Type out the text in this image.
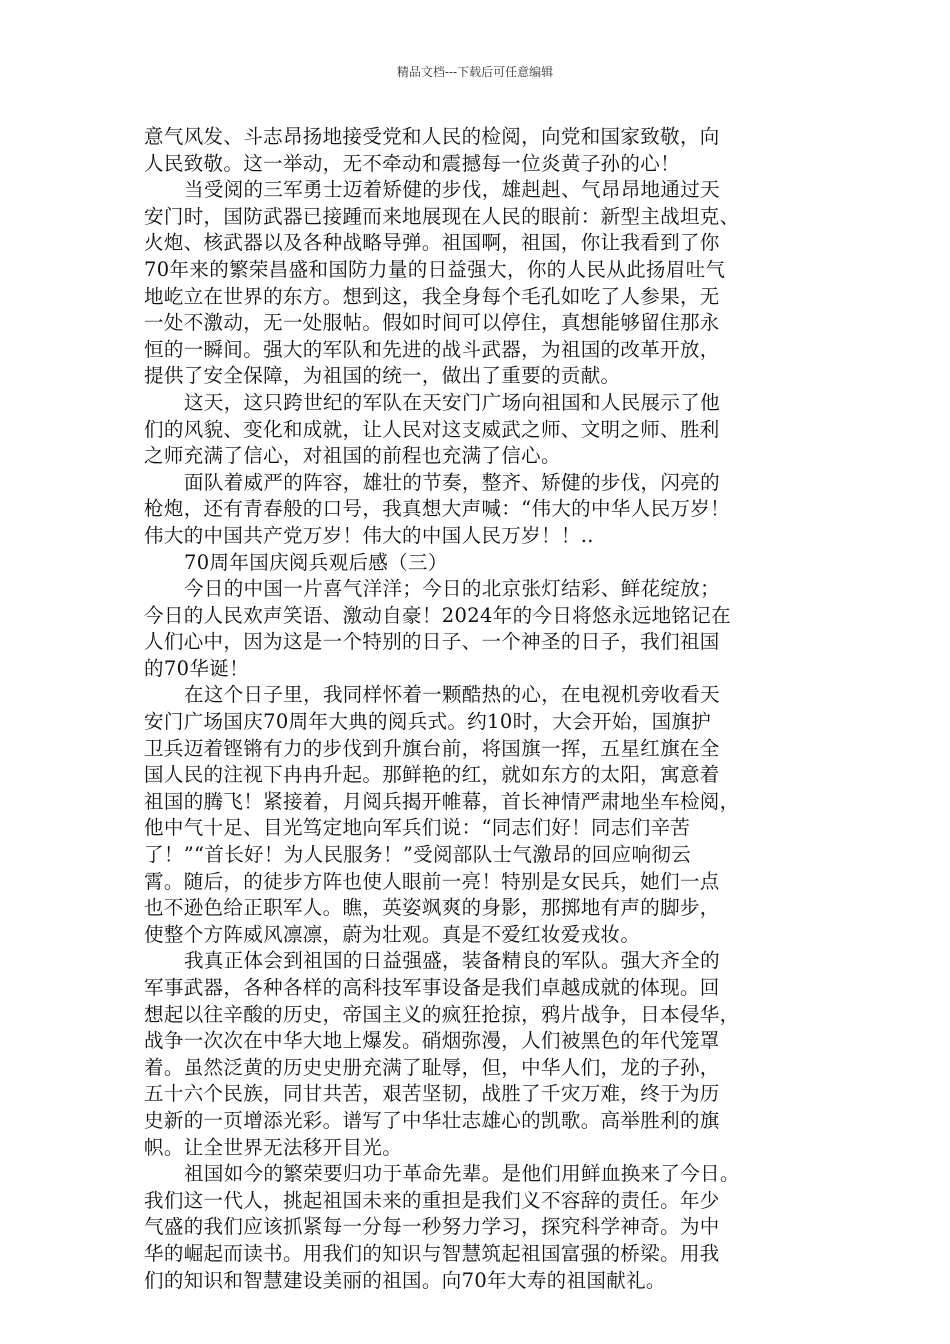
精品文档---下载后可任意编辑
意气风发、斗志昂扬地接受党和人民的检阅，向党和国家致敬，向
人民致敬。这一举动，无不牵动和震撼每一位炎黄子孙的心！
当受阅的三军勇士迈着矫健的步伐，雄赳赳、气昂昂地通过天
安门时，国防武器已接踵而来地展现在人民的眼前：新型主战坦克、
火炮、核武器以及各种战略导弹。祖国啊，祖国，你让我看到了你
70年来的繁荣昌盛和国防力量的日益强大，你的人民从此扬眉吐气
地屹立在世界的东方。想到这，我全身每个毛孔如吃了人参果，无
一处不激动，无一处服帖。假如时间可以停住，真想能够留住那永
恒的一瞬间。强大的军队和先进的战斗武器，为祖国的改革开放，
提供了安全保障，为祖国的统一，做出了重要的贡献。
这天，这只跨世纪的军队在天安门广场向祖国和人民展示了他
们的风貌、变化和成就，让人民对这支威武之师、文明之师、胜利
之师充满了信心，对祖国的前程也充满了信心。
面队着威严的阵容，雄壮的节奏，整齐、矫健的步伐，闪亮的
枪炮，还有青春般的口号，我真想大声喊：“伟大的中华人民万岁！
伟大的中国共产党万岁！伟大的中国人民万岁！！..
70周年国庆阅兵观后感（三）
今日的中国一片喜气洋洋；今日的北京张灯结彩、鲜花绽放；
今日的人民欢声笑语、激动自豪！2024年的今日将悠永远地铭记在
人们心中，因为这是一个特别的日子、一个神圣的日子，我们祖国
的70华诞！
在这个日子里，我同样怀着一颗酷热的心，在电视机旁收看天
安门广场国庆70周年大典的阅兵式。约10时，大会开始，国旗护
卫兵迈着铿锵有力的步伐到升旗台前，将国旗一挥，五星红旗在全
国人民的注视下冉冉升起。那鲜艳的红，就如东方的太阳，寓意着
祖国的腾飞！紧接着，月阅兵揭开帷幕，首长神情严肃地坐车检阅，
他中气十足、目光笃定地向军兵们说：“同志们好！同志们辛苦
了！”“首长好！为人民服务！”受阅部队士气激昂的回应响彻云
霄。随后，的徒步方阵也使人眼前一亮！特别是女民兵，她们一点
也不逊色给正职军人。瞧，英姿飒爽的身影，那掷地有声的脚步，
使整个方阵威风凛凛，蔚为壮观。真是不爱红妆爱戎妆。
我真正体会到祖国的日益强盛，装备精良的军队。强大齐全的
军事武器，各种各样的高科技军事设备是我们卓越成就的体现。回
想起以往辛酸的历史，帝国主义的疯狂抢掠，鸦片战争，日本侵华，
战争一次次在中华大地上爆发。硝烟弥漫，人们被黑色的年代笼罩
着。虽然泛黄的历史史册充满了耻辱，但，中华人们，龙的子孙，
五十六个民族，同甘共苦，艰苦坚韧，战胜了千灾万难，终于为历
史新的一页增添光彩。谱写了中华壮志雄心的凯歌。高举胜利的旗
帜。让全世界无法移开目光。
祖国如今的繁荣要归功于革命先辈。是他们用鲜血换来了今日。
我们这一代人，挑起祖国未来的重担是我们义不容辞的责任。年少
气盛的我们应该抓紧每一分每一秒努力学习，探究科学神奇。为中
华的崛起而读书。用我们的知识与智慧筑起祖国富强的桥梁。用我
们的知识和智慧建设美丽的祖国。向70年大寿的祖国献礼。
